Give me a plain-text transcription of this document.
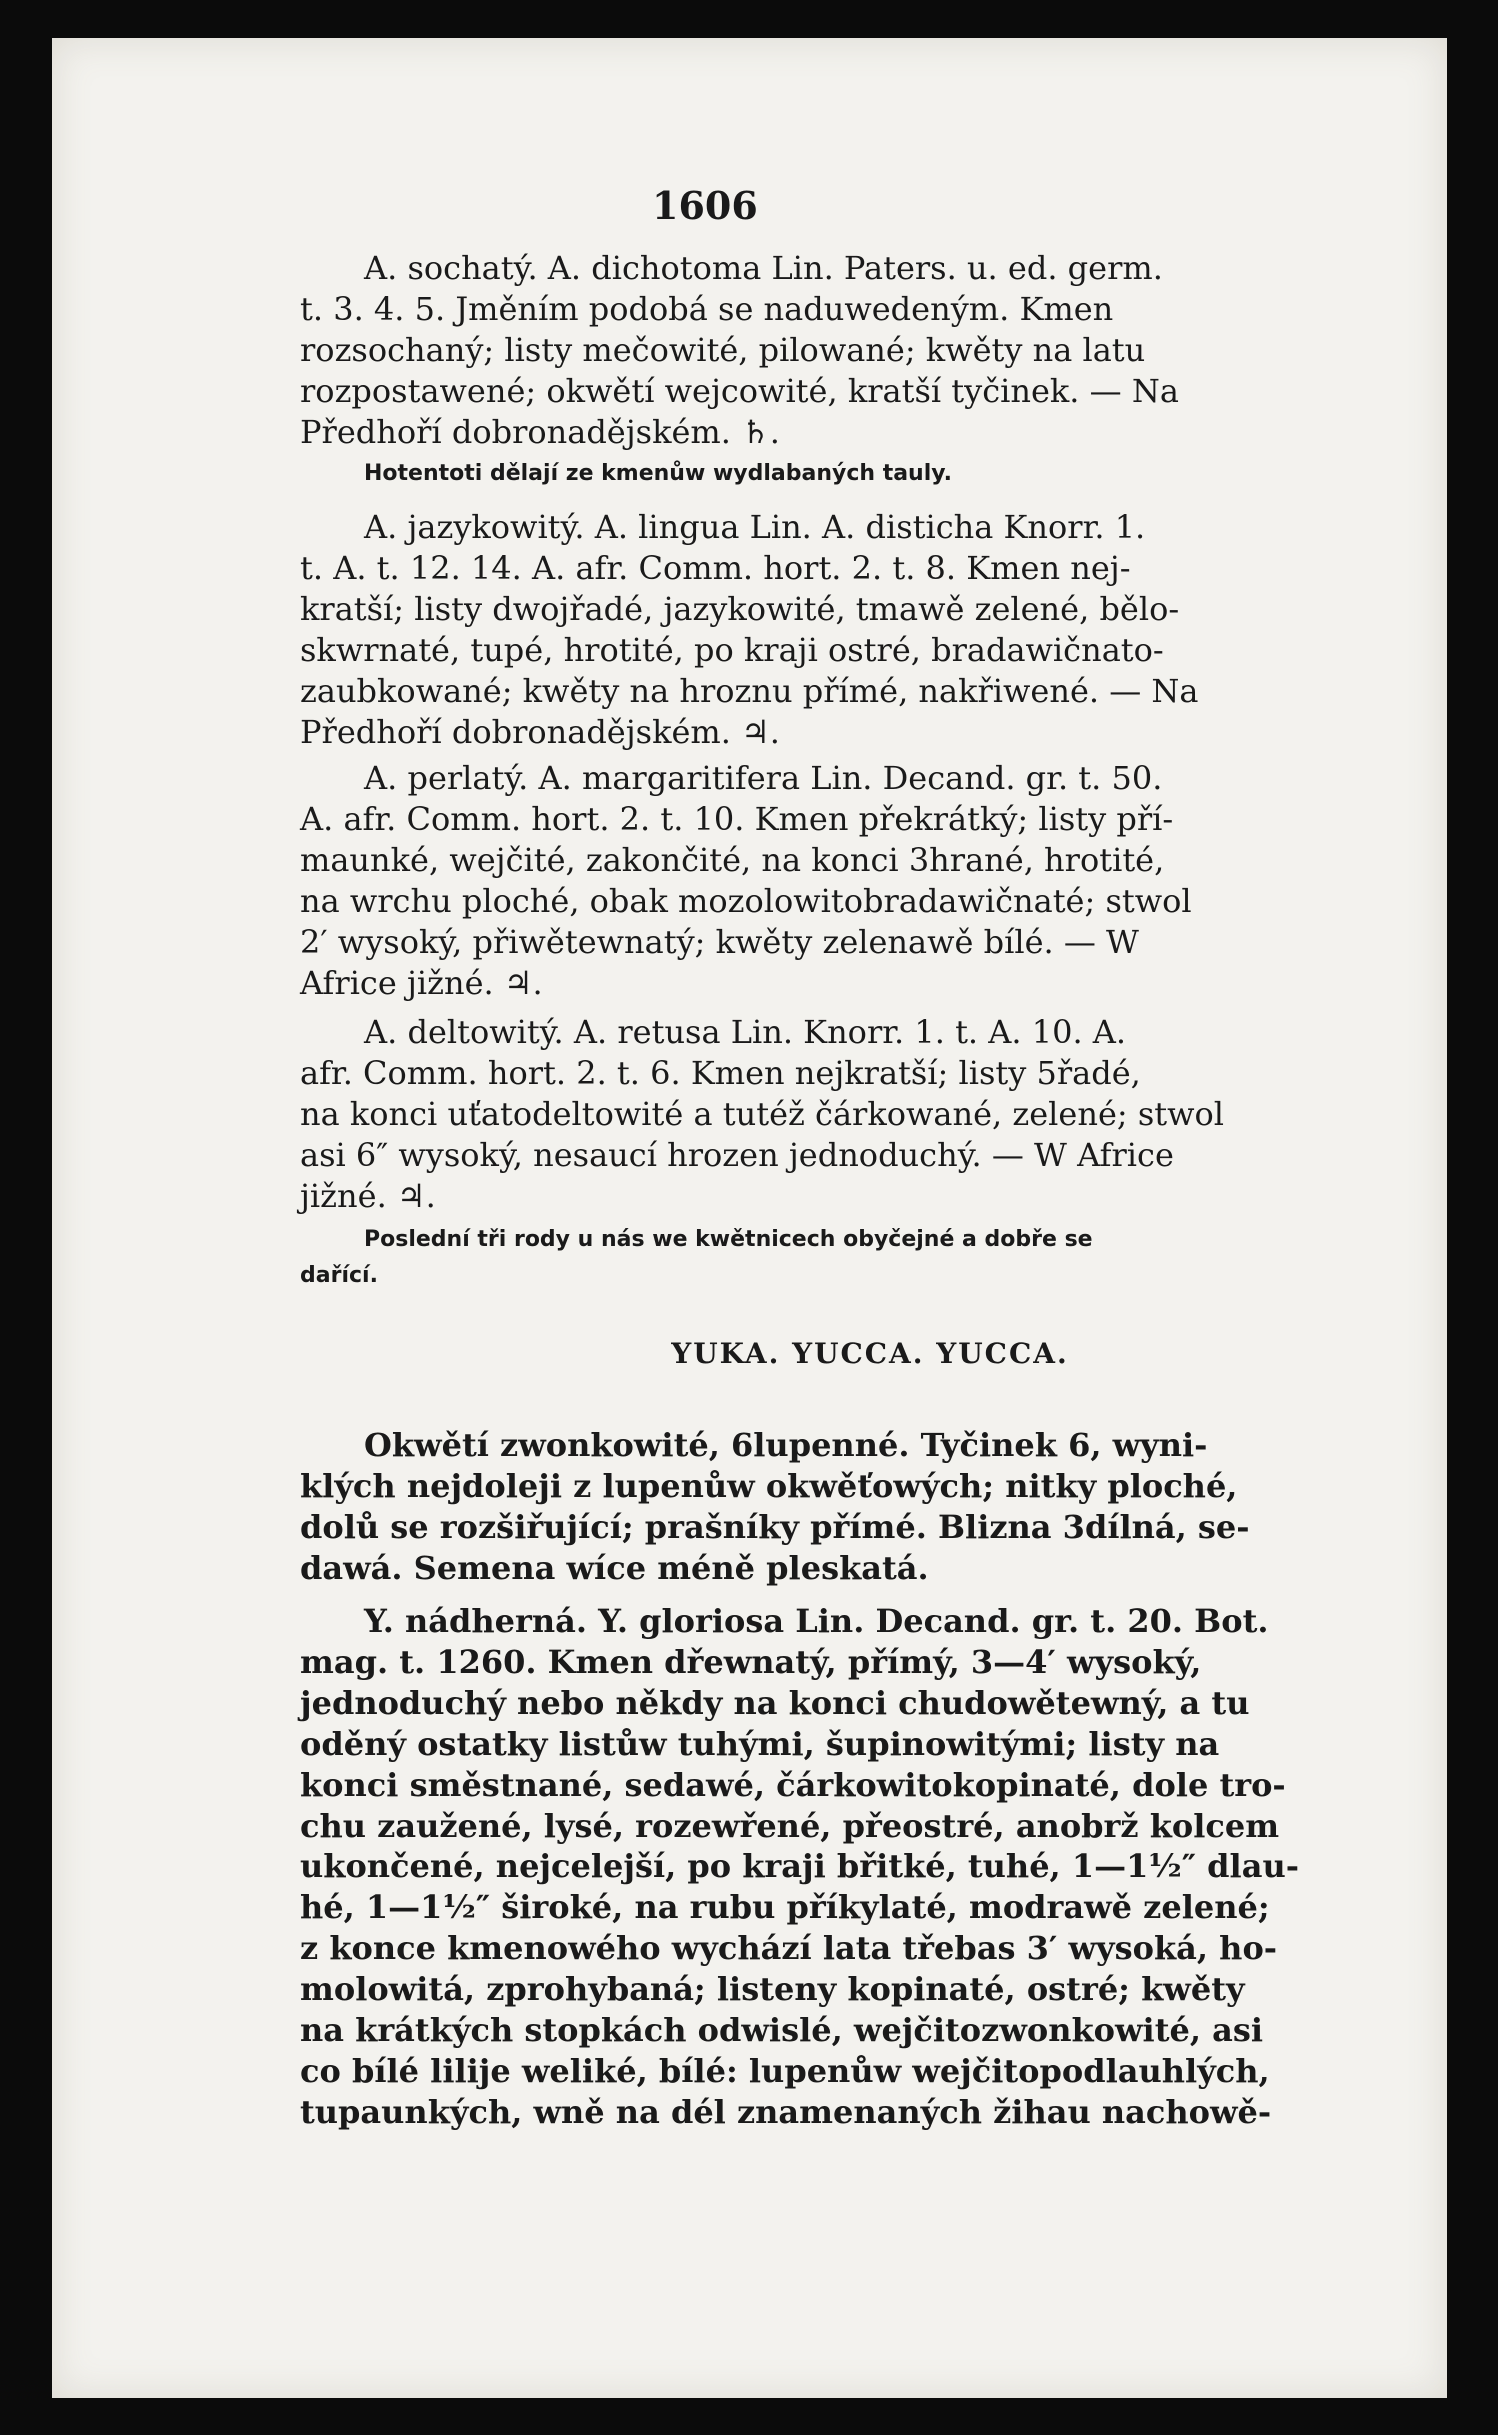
1606
A. sochatý. A. dichotoma Lin. Paters. u. ed. germ.
t. 3. 4. 5. Jměním podobá se naduwedeným. Kmen
rozsochaný; listy mečowité, pilowané; kwěty na latu
rozpostawené; okwětí wejcowité, kratší tyčinek. — Na
Předhoří dobronadějském. ♄.
Hotentoti dělají ze kmenůw wydlabaných tauly.
A. jazykowitý. A. lingua Lin. A. disticha Knorr. 1.
t. A. t. 12. 14. A. afr. Comm. hort. 2. t. 8. Kmen nej-
kratší; listy dwojřadé, jazykowité, tmawě zelené, bělo-
skwrnaté, tupé, hrotité, po kraji ostré, bradawičnato-
zaubkowané; kwěty na hroznu přímé, nakřiwené. — Na
Předhoří dobronadějském. ♃.
A. perlatý. A. margaritifera Lin. Decand. gr. t. 50.
A. afr. Comm. hort. 2. t. 10. Kmen překrátký; listy pří-
maunké, wejčité, zakončité, na konci 3hrané, hrotité,
na wrchu ploché, obak mozolowitobradawičnaté; stwol
2′ wysoký, přiwětewnatý; kwěty zelenawě bílé. — W
Africe jižné. ♃.
A. deltowitý. A. retusa Lin. Knorr. 1. t. A. 10. A.
afr. Comm. hort. 2. t. 6. Kmen nejkratší; listy 5řadé,
na konci uťatodeltowité a tutéž čárkowané, zelené; stwol
asi 6″ wysoký, nesaucí hrozen jednoduchý. — W Africe
jižné. ♃.
Poslední tři rody u nás we kwětnicech obyčejné a dobře se
dařící.
YUKA. YUCCA. YUCCA.
Okwětí zwonkowité, 6lupenné. Tyčinek 6, wyni-
klých nejdoleji z lupenůw okwěťowých; nitky ploché,
dolů se rozšiřující; prašníky přímé. Blizna 3dílná, se-
dawá. Semena wíce méně pleskatá.
Y. nádherná. Y. gloriosa Lin. Decand. gr. t. 20. Bot.
mag. t. 1260. Kmen dřewnatý, přímý, 3—4′ wysoký,
jednoduchý nebo někdy na konci chudowětewný, a tu
oděný ostatky listůw tuhými, šupinowitými; listy na
konci směstnané, sedawé, čárkowitokopinaté, dole tro-
chu zaužené, lysé, rozewřené, přeostré, anobrž kolcem
ukončené, nejcelejší, po kraji břitké, tuhé, 1—1½″ dlau-
hé, 1—1½″ široké, na rubu příkylaté, modrawě zelené;
z konce kmenowého wychází lata třebas 3′ wysoká, ho-
molowitá, zprohybaná; listeny kopinaté, ostré; kwěty
na krátkých stopkách odwislé, wejčitozwonkowité, asi
co bílé lilije weliké, bílé: lupenůw wejčitopodlauhlých,
tupaunkých, wně na dél znamenaných žihau nachowě-
